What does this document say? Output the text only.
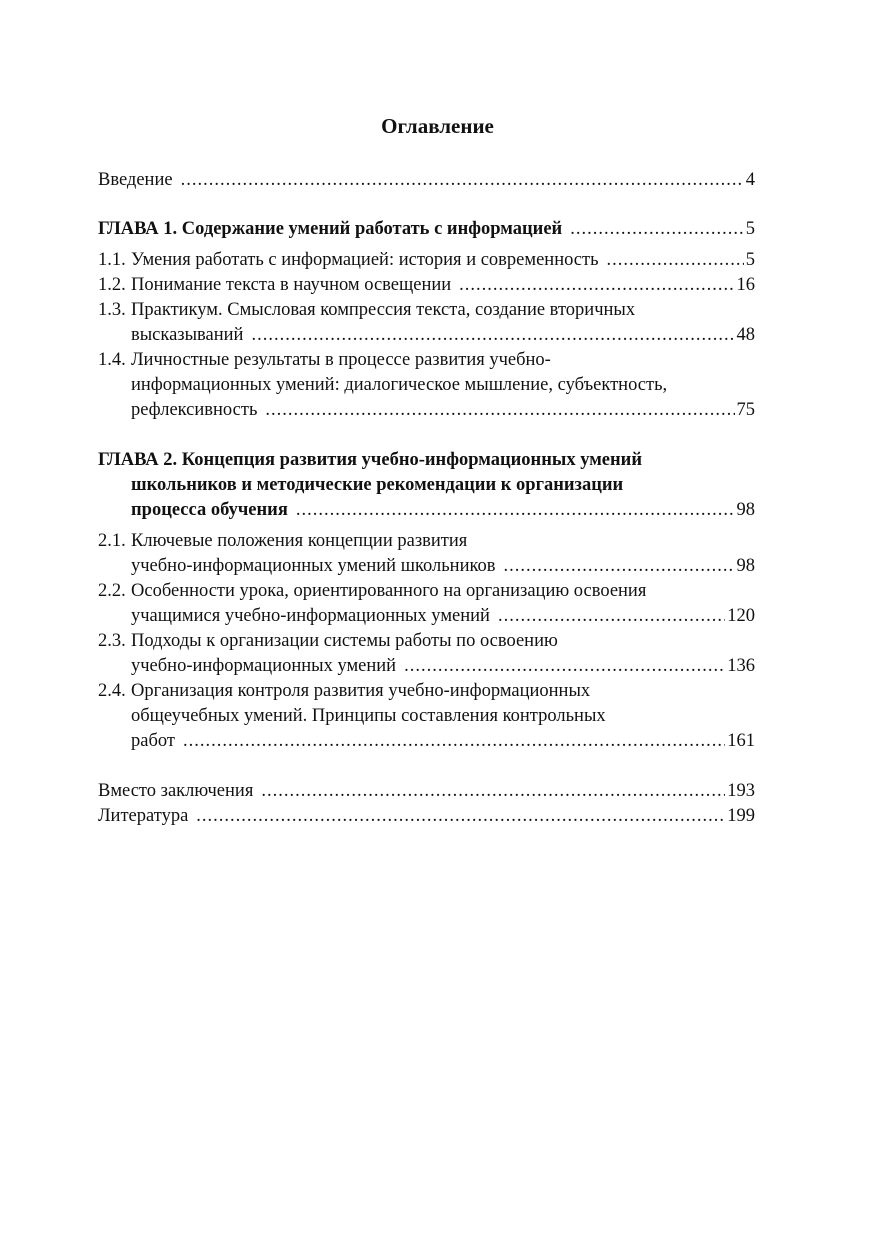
Оглавление
Введение .....	4
ГЛАВА 1. Содержание умений работать с информацией .....	5
1.1. Умения работать с информацией: история и современность .....	5
1.2. Понимание текста в научном освещении .....	16
1.3. Практикум. Смысловая компрессия текста, создание вторичных
высказываний .....	48
1.4. Личностные результаты в процессе развития учебно-
информационных умений: диалогическое мышление, субъектность,
рефлексивность .....	75
ГЛАВА 2. Концепция развития учебно-информационных умений
школьников и методические рекомендации к организации
процесса обучения .....	98
2.1. Ключевые положения концепции развития
учебно-информационных умений школьников .....	98
2.2. Особенности урока, ориентированного на организацию освоения
учащимися учебно-информационных умений .....	120
2.3. Подходы к организации системы работы по освоению
учебно-информационных умений .....	136
2.4. Организация контроля развития учебно-информационных
общеучебных умений. Принципы составления контрольных
работ .....	161
Вместо заключения .....	193
Литература .....	199
